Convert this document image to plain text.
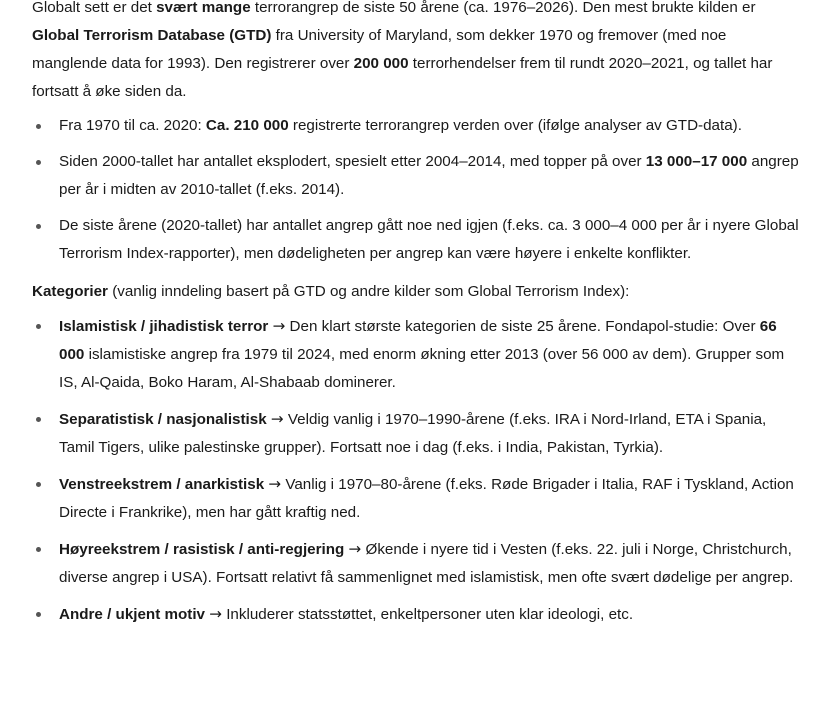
Globalt sett er det svært mange terrorangrep de siste 50 årene (ca. 1976–2026). Den mest brukte kilden er Global Terrorism Database (GTD) fra University of Maryland, som dekker 1970 og fremover (med noe manglende data for 1993). Den registrerer over 200 000 terrorhendelser frem til rundt 2020–2021, og tallet har fortsatt å øke siden da.

Fra 1970 til ca. 2020: Ca. 210 000 registrerte terrorangrep verden over (ifølge analyser av GTD-data).
Siden 2000-tallet har antallet eksplodert, spesielt etter 2004–2014, med topper på over 13 000–17 000 angrep per år i midten av 2010-tallet (f.eks. 2014).
De siste årene (2020-tallet) har antallet angrep gått noe ned igjen (f.eks. ca. 3 000–4 000 per år i nyere Global Terrorism Index-rapporter), men dødeligheten per angrep kan være høyere i enkelte konflikter.

Kategorier (vanlig inndeling basert på GTD og andre kilder som Global Terrorism Index):

Islamistisk / jihadistisk terror → Den klart største kategorien de siste 25 årene. Fondapol-studie: Over 66 000 islamistiske angrep fra 1979 til 2024, med enorm økning etter 2013 (over 56 000 av dem). Grupper som IS, Al-Qaida, Boko Haram, Al-Shabaab dominerer.
Separatistisk / nasjonalistisk → Veldig vanlig i 1970–1990-årene (f.eks. IRA i Nord-Irland, ETA i Spania, Tamil Tigers, ulike palestinske grupper). Fortsatt noe i dag (f.eks. i India, Pakistan, Tyrkia).
Venstreekstrem / anarkistisk → Vanlig i 1970–80-årene (f.eks. Røde Brigader i Italia, RAF i Tyskland, Action Directe i Frankrike), men har gått kraftig ned.
Høyreekstrem / rasistisk / anti-regjering → Økende i nyere tid i Vesten (f.eks. 22. juli i Norge, Christchurch, diverse angrep i USA). Fortsatt relativt få sammenlignet med islamistisk, men ofte svært dødelige per angrep.
Andre / ukjent motiv → Inkluderer statsstøttet, enkeltpersoner uten klar ideologi, etc.
